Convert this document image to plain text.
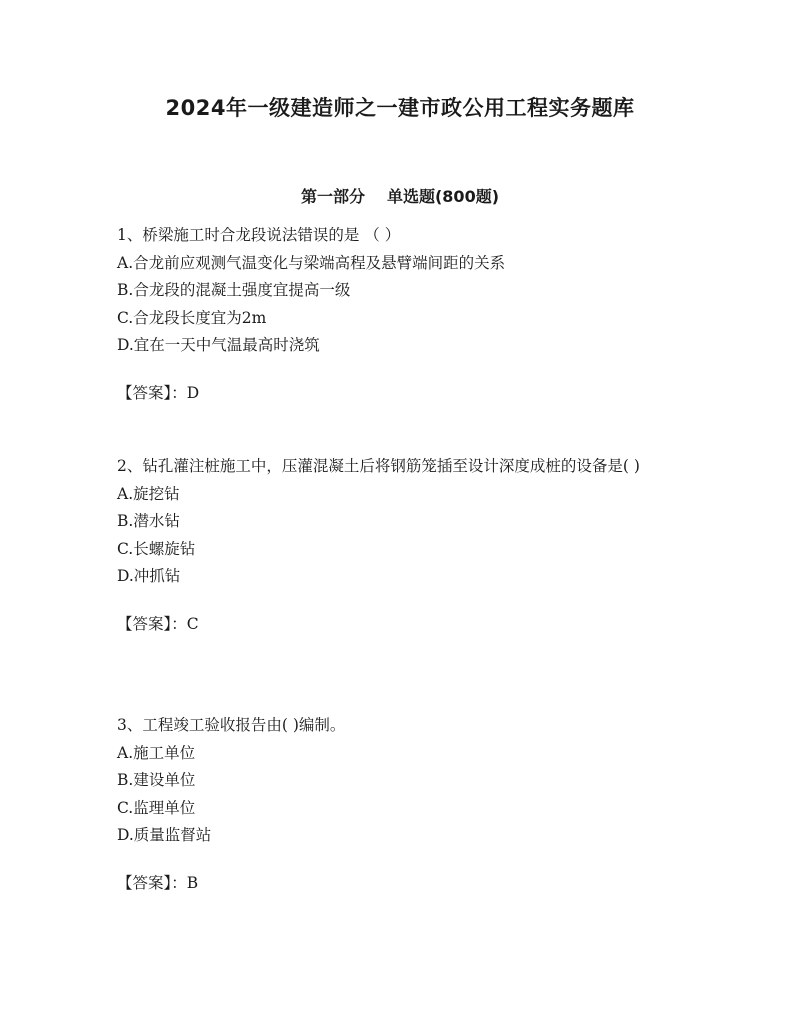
2024年一级建造师之一建市政公用工程实务题库
第一部分 单选题(800题)

1、桥梁施工时合龙段说法错误的是 （ ）

A.合龙前应观测气温变化与梁端高程及悬臂端间距的关系

B.合龙段的混凝土强度宜提高一级

C.合龙段长度宜为2m

D.宜在一天中气温最高时浇筑

【答案】：D

2、钻孔灌注桩施工中，压灌混凝土后将钢筋笼插至设计深度成桩的设备是( )

A.旋挖钻

B.潜水钻

C.长螺旋钻

D.冲抓钻

【答案】：C

3、工程竣工验收报告由( )编制。

A.施工单位

B.建设单位

C.监理单位

D.质量监督站

【答案】：B
